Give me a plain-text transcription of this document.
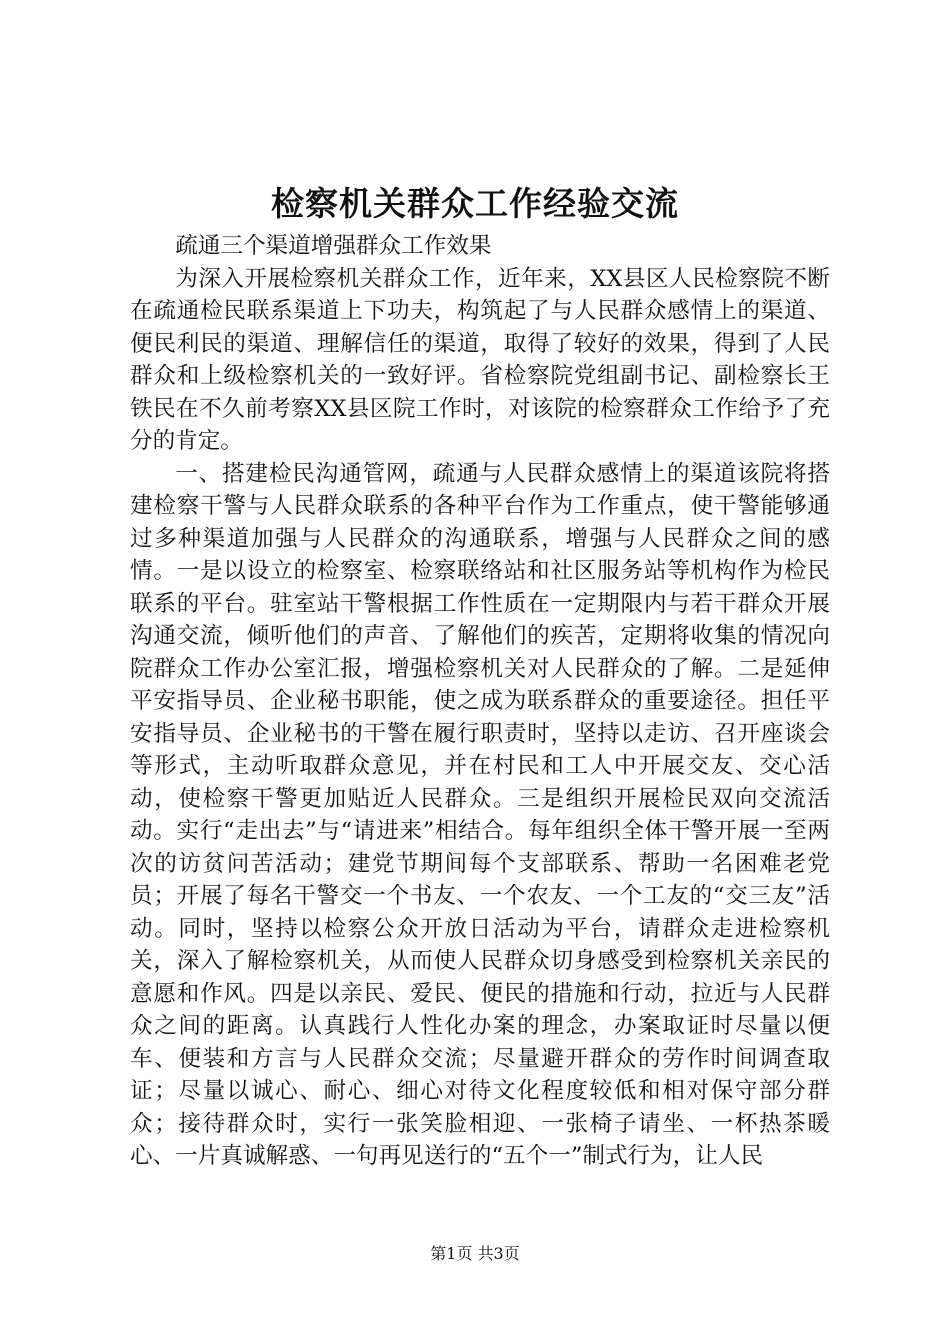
检察机关群众工作经验交流

疏通三个渠道增强群众工作效果

为深入开展检察机关群众工作，近年来，XX县区人民检察院不断在疏通检民联系渠道上下功夫，构筑起了与人民群众感情上的渠道、便民利民的渠道、理解信任的渠道，取得了较好的效果，得到了人民群众和上级检察机关的一致好评。省检察院党组副书记、副检察长王铁民在不久前考察XX县区院工作时，对该院的检察群众工作给予了充分的肯定。

一、搭建检民沟通管网，疏通与人民群众感情上的渠道该院将搭建检察干警与人民群众联系的各种平台作为工作重点，使干警能够通过多种渠道加强与人民群众的沟通联系，增强与人民群众之间的感情。一是以设立的检察室、检察联络站和社区服务站等机构作为检民联系的平台。驻室站干警根据工作性质在一定期限内与若干群众开展沟通交流，倾听他们的声音、了解他们的疾苦，定期将收集的情况向院群众工作办公室汇报，增强检察机关对人民群众的了解。二是延伸平安指导员、企业秘书职能，使之成为联系群众的重要途径。担任平安指导员、企业秘书的干警在履行职责时，坚持以走访、召开座谈会等形式，主动听取群众意见，并在村民和工人中开展交友、交心活动，使检察干警更加贴近人民群众。三是组织开展检民双向交流活动。实行“走出去”与“请进来”相结合。每年组织全体干警开展一至两次的访贫问苦活动；建党节期间每个支部联系、帮助一名困难老党员；开展了每名干警交一个书友、一个农友、一个工友的“交三友”活动。同时，坚持以检察公众开放日活动为平台，请群众走进检察机关，深入了解检察机关，从而使人民群众切身感受到检察机关亲民的意愿和作风。四是以亲民、爱民、便民的措施和行动，拉近与人民群众之间的距离。认真践行人性化办案的理念，办案取证时尽量以便车、便装和方言与人民群众交流；尽量避开群众的劳作时间调查取证；尽量以诚心、耐心、细心对待文化程度较低和相对保守部分群众；接待群众时，实行一张笑脸相迎、一张椅子请坐、一杯热茶暖心、一片真诚解惑、一句再见送行的“五个一”制式行为，让人民

第1页 共3页
